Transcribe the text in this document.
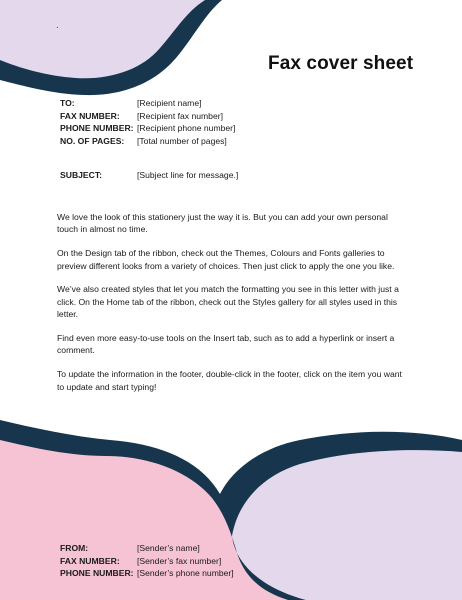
.
Fax cover sheet
TO:	[Recipient name]
FAX NUMBER: [Recipient fax number]
PHONE NUMBER: [Recipient phone number]
NO. OF PAGES: [Total number of pages]
SUBJECT:	[Subject line for message.]

We love the look of this stationery just the way it is. But you can add your own personal touch in almost no time.

On the Design tab of the ribbon, check out the Themes, Colours and Fonts galleries to preview different looks from a variety of choices. Then just click to apply the one you like.

We’ve also created styles that let you match the formatting you see in this letter with just a click. On the Home tab of the ribbon, check out the Styles gallery for all styles used in this letter.

Find even more easy-to-use tools on the Insert tab, such as to add a hyperlink or insert a comment.

To update the information in the footer, double-click in the footer, click on the item you want to update and start typing!

FROM:	[Sender’s name]
FAX NUMBER: [Sender’s fax number]
PHONE NUMBER: [Sender’s phone number]
